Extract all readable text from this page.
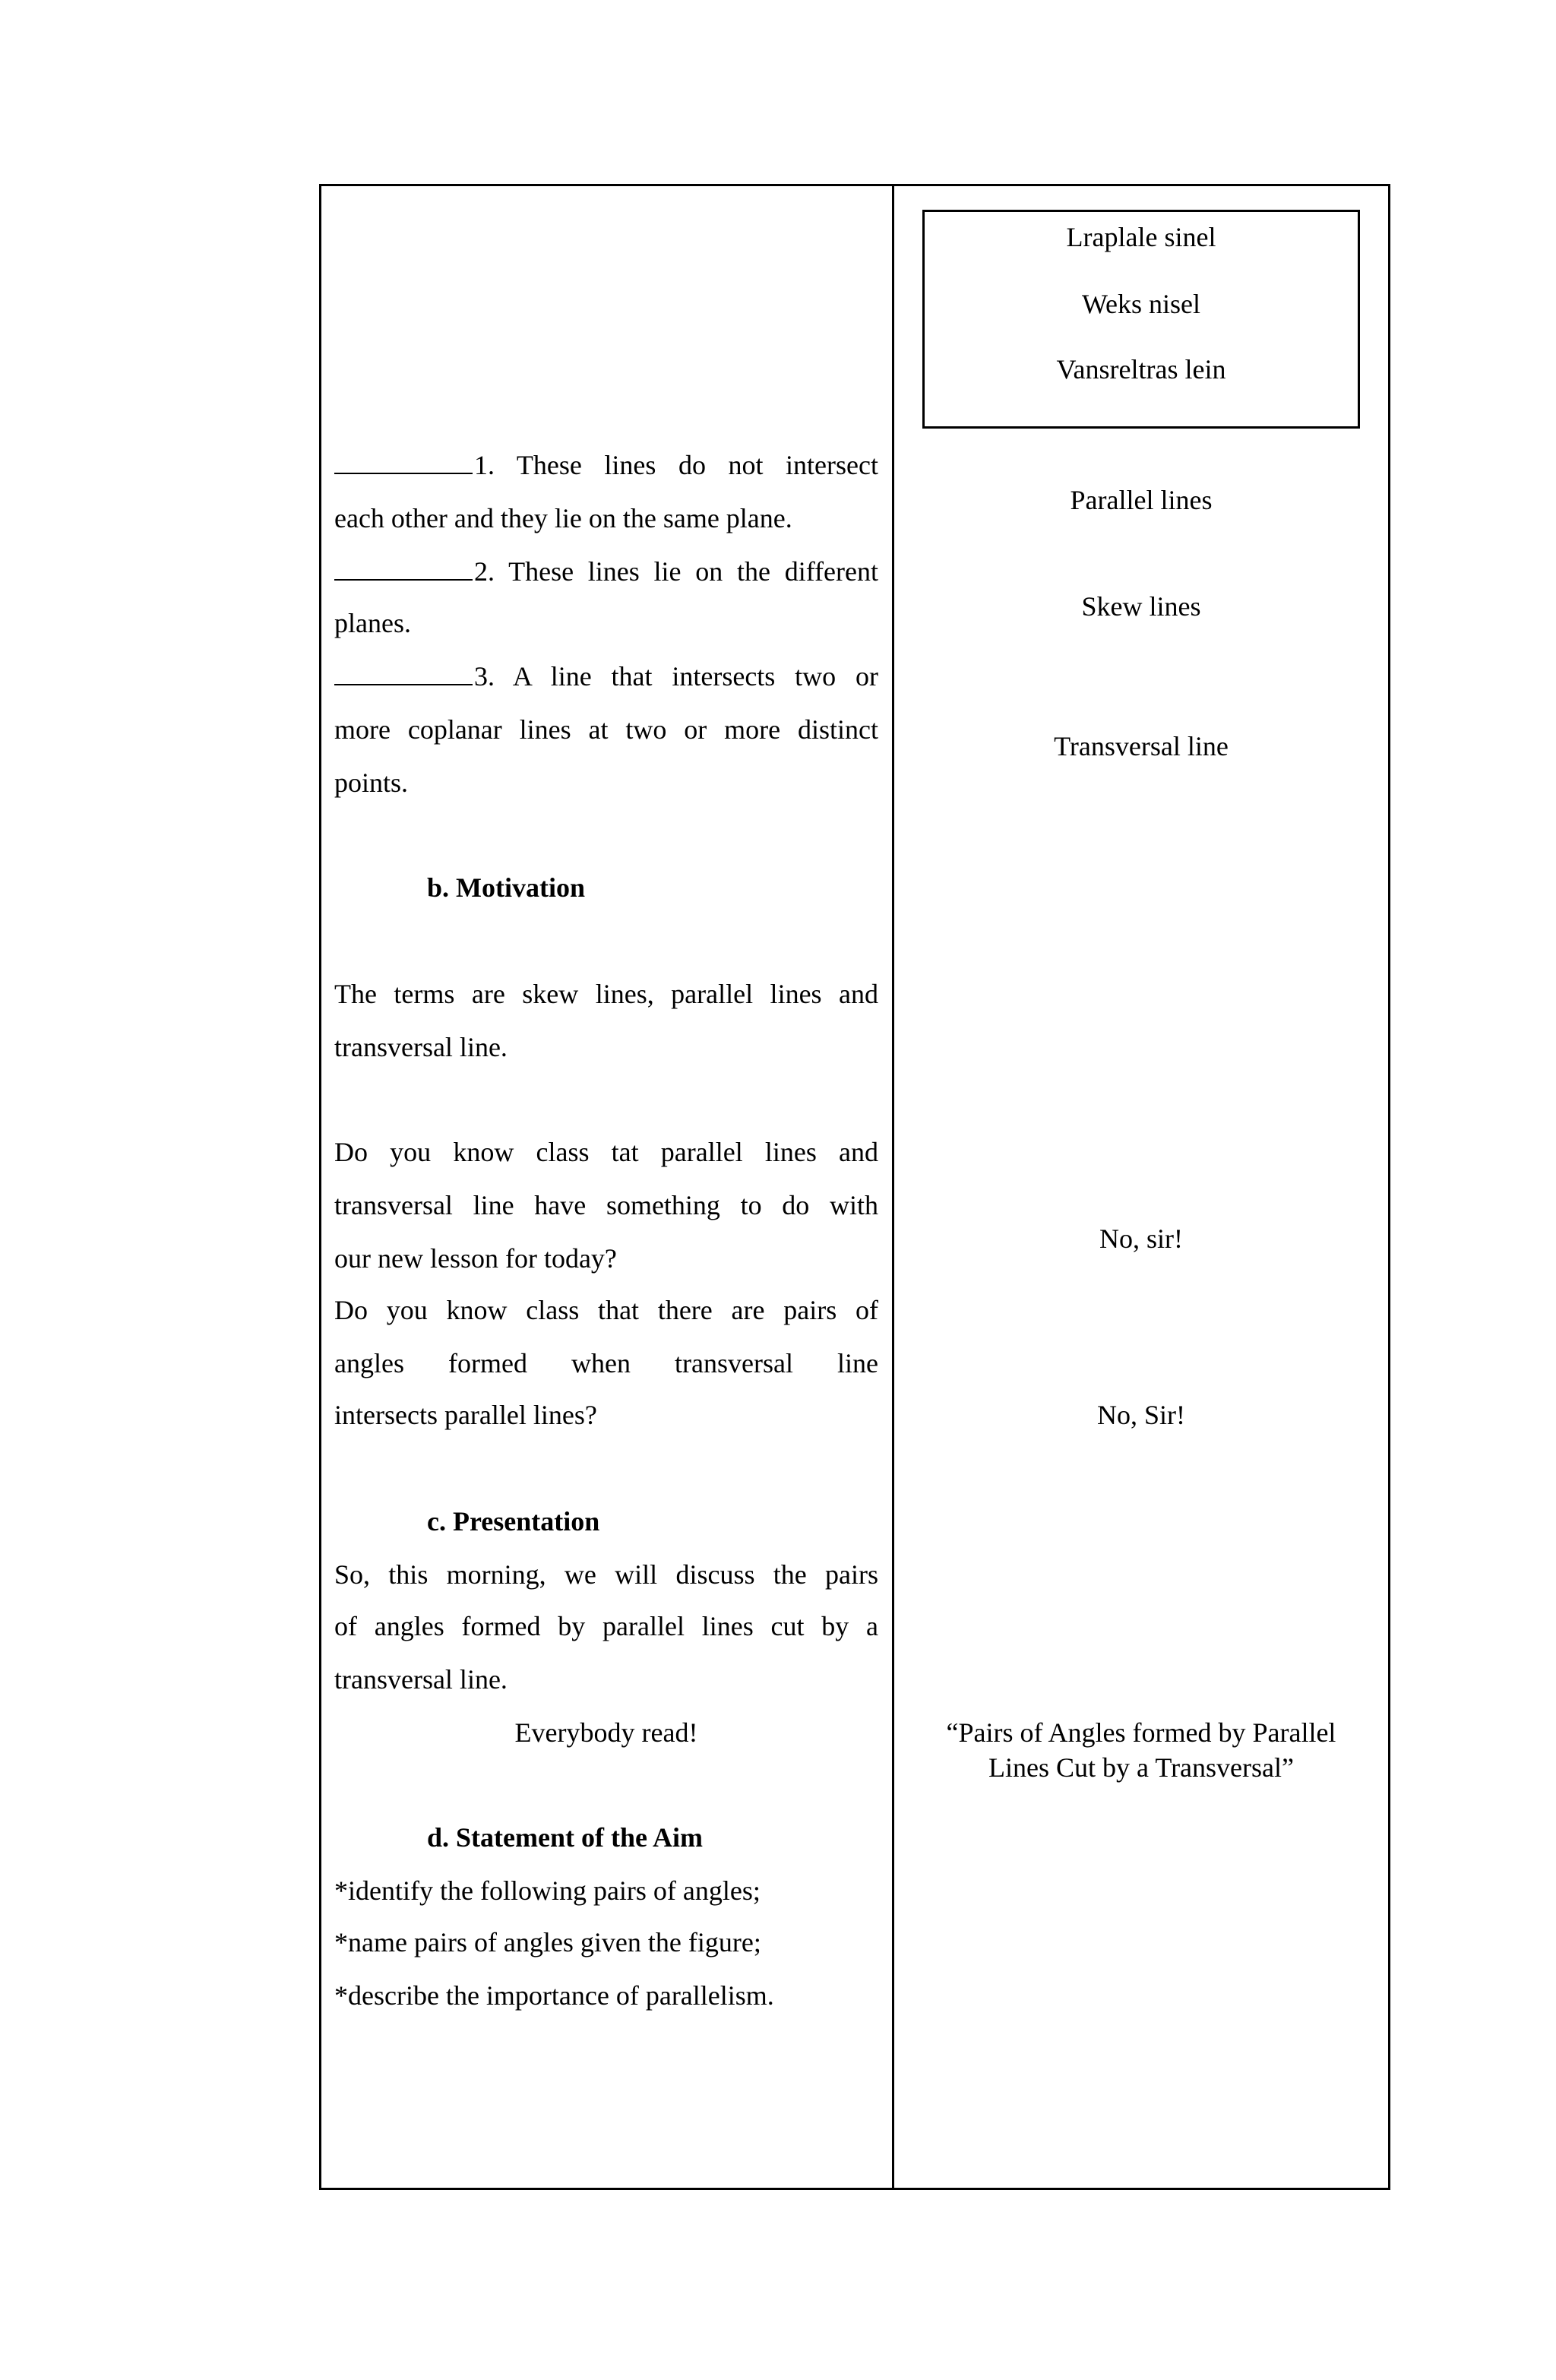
Lraplale sinel
Weks nisel
Vansreltras lein
1. These lines do not intersect
each other and they lie on the same plane.
2. These lines lie on the different
planes.
3. A line that intersects two or
more coplanar lines at two or more distinct
points.
Parallel lines
Skew lines
Transversal line
b. Motivation
The terms are skew lines, parallel lines and
transversal line.
Do you know class tat parallel lines and
transversal line have something to do with
our new lesson for today?
Do you know class that there are pairs of
angles formed when transversal line
intersects parallel lines?
No, sir!
No, Sir!
c. Presentation
So, this morning, we will discuss the pairs
of angles formed by parallel lines cut by a
transversal line.
Everybody read!	“Pairs of Angles formed by Parallel
Lines Cut by a Transversal”
d. Statement of the Aim
*identify the following pairs of angles;
*name pairs of angles given the figure;
*describe the importance of parallelism.
